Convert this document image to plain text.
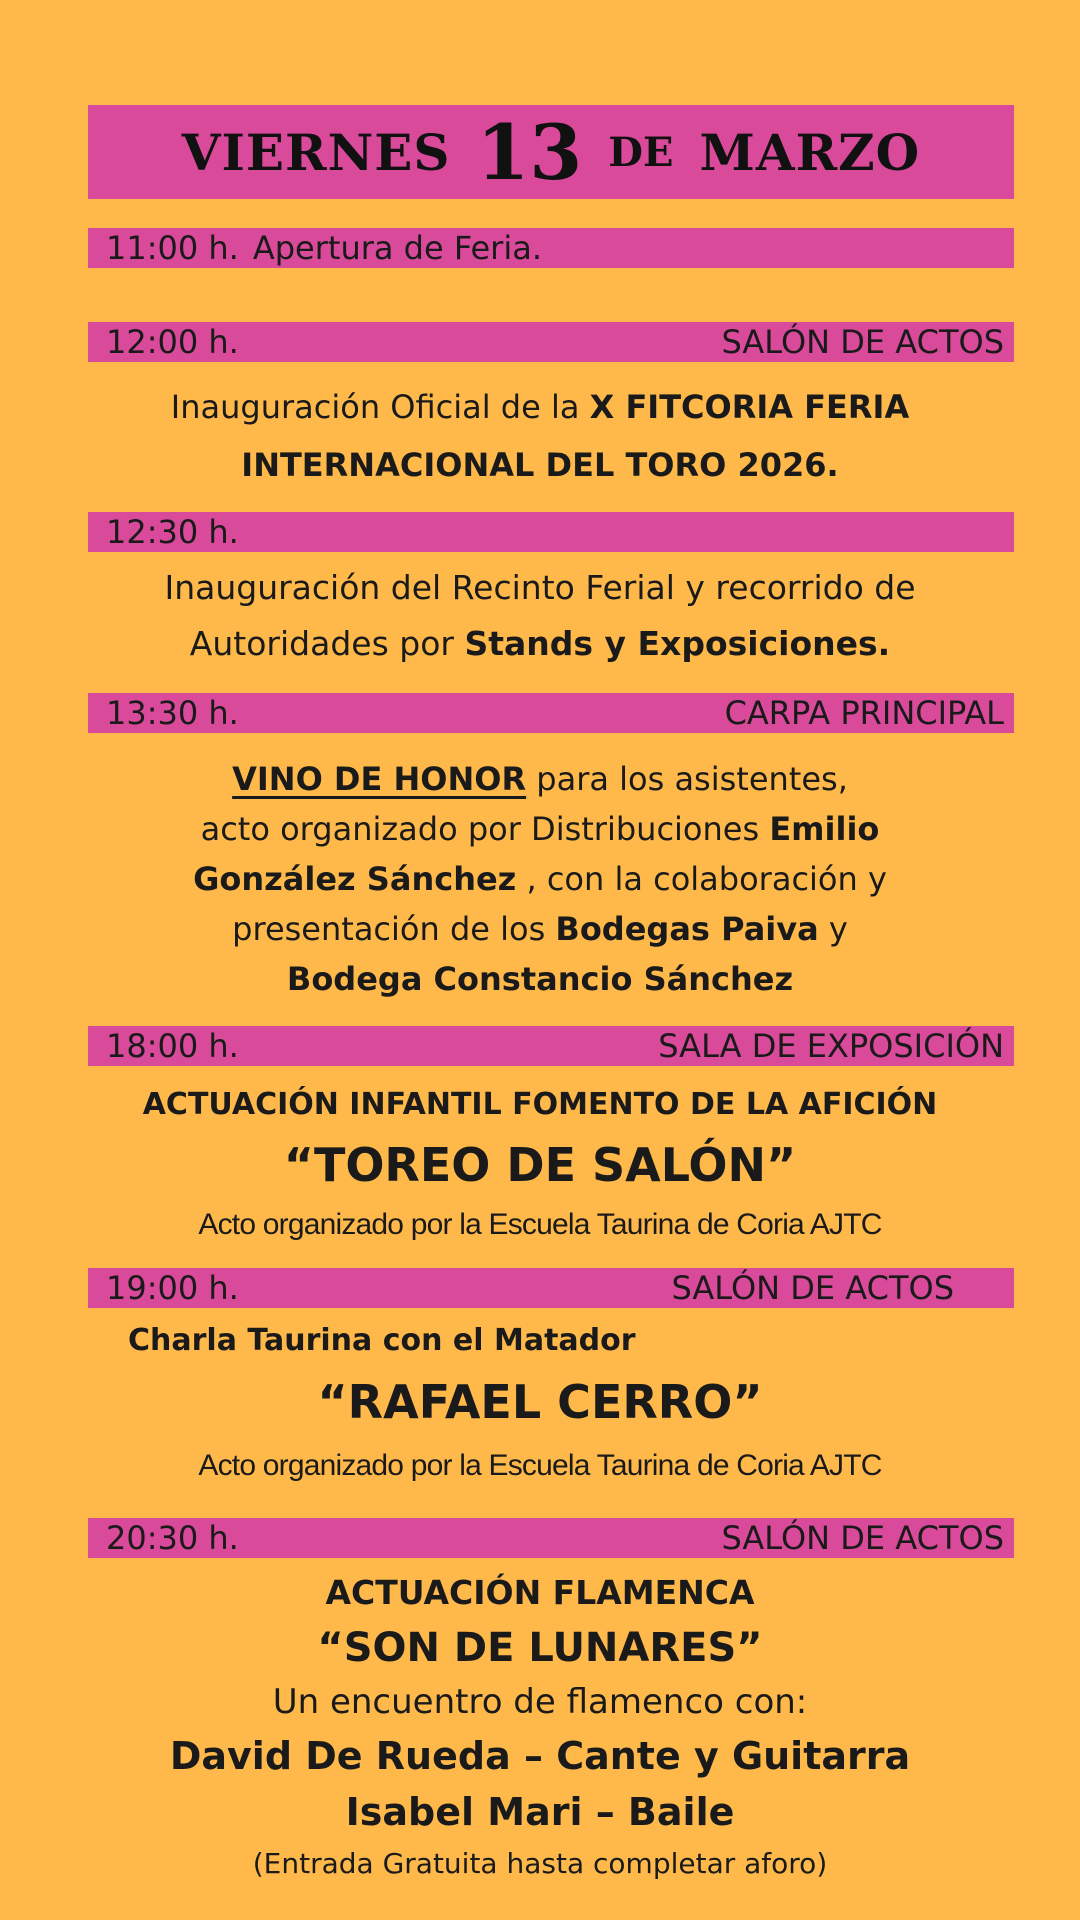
VIERNES 13 DE MARZO
11:00 h. Apertura de Feria.
12:00 h.	SALÓN DE ACTOS
Inauguración Oficial de la X FITCORIA FERIA
INTERNACIONAL DEL TORO 2026.
12:30 h.
Inauguración del Recinto Ferial y recorrido de
Autoridades por Stands y Exposiciones.
13:30 h.	CARPA PRINCIPAL
VINO DE HONOR para los asistentes,
acto organizado por Distribuciones Emilio
González Sánchez , con la colaboración y
presentación de los Bodegas Paiva y
Bodega Constancio Sánchez
18:00 h.	SALA DE EXPOSICIÓN
ACTUACIÓN INFANTIL FOMENTO DE LA AFICIÓN
“TOREO DE SALÓN”
Acto organizado por la Escuela Taurina de Coria AJTC
19:00 h.	SALÓN DE ACTOS
Charla Taurina con el Matador
“RAFAEL CERRO”
Acto organizado por la Escuela Taurina de Coria AJTC
20:30 h.	SALÓN DE ACTOS
ACTUACIÓN FLAMENCA
“SON DE LUNARES”
Un encuentro de flamenco con:
David De Rueda – Cante y Guitarra
Isabel Mari – Baile
(Entrada Gratuita hasta completar aforo)
